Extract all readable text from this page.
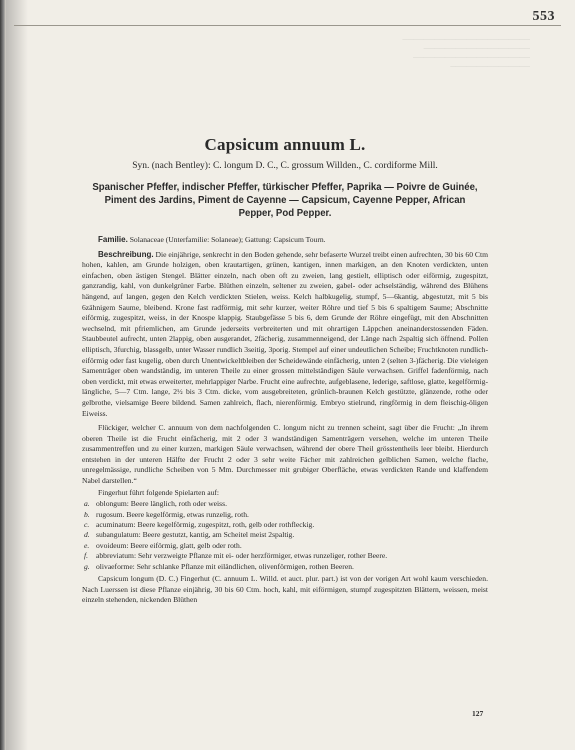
553
────────────────────────
────────────────────
──────────────────────
───────────────
Capsicum annuum L.

Syn. (nach Bentley): C. longum D. C., C. grossum Willden., C. cordiforme Mill.

Spanischer Pfeffer, indischer Pfeffer, türkischer Pfeffer, Paprika — Poivre de Guinée, Piment des Jardins, Piment de Cayenne — Capsicum, Cayenne Pepper, African Pepper, Pod Pepper.

Familie. Solanaceae (Unterfamilie: Solaneae); Gattung: Capsicum Tourn.

Beschreibung. Die einjährige, senkrecht in den Boden gehende, sehr befaserte Wurzel treibt einen aufrechten, 30 bis 60 Ctm hohen, kahlen, am Grunde holzigen, oben krautartigen, grünen, kantigen, innen markigen, an den Knoten verdickten, unten einfachen, oben ästigen Stengel. Blätter einzeln, nach oben oft zu zweien, lang gestielt, elliptisch oder eiförmig, zugespitzt, ganzrandig, kahl, von dunkelgrüner Farbe. Blüthen einzeln, seltener zu zweien, gabel- oder achselständig, während des Blühens hängend, auf langen, gegen den Kelch verdickten Stielen, weiss. Kelch halbkugelig, stumpf, 5—6kantig, abgestutzt, mit 5 bis 6zähnigem Saume, bleibend. Krone fast radförmig, mit sehr kurzer, weiter Röhre und tief 5 bis 6 spaltigem Saume; Abschnitte eiförmig, zugespitzt, weiss, in der Knospe klappig. Staubgefässe 5 bis 6, dem Grunde der Röhre eingefügt, mit den Abschnitten wechselnd, mit pfriemlichen, am Grunde jederseits verbreiterten und mit ohrartigen Läppchen aneinanderstossenden Fäden. Staubbeutel aufrecht, unten 2lappig, oben ausgerandet, 2fächerig, zusammenneigend, der Länge nach 2spaltig sich öffnend. Pollen elliptisch, 3furchig, blassgelb, unter Wasser rundlich 3seitig, 3porig. Stempel auf einer undeutlichen Scheibe; Fruchtknoten rundlich-eiförmig oder fast kugelig, oben durch Unentwickeltbleiben der Scheidewände einfächerig, unten 2 (selten 3-)fächerig. Die vieleigen Samenträger oben wandständig, im unteren Theile zu einer grossen mittelständigen Säule verwachsen. Griffel fadenförmig, nach oben verdickt, mit etwas erweiterter, mehrlappiger Narbe. Frucht eine aufrechte, aufgeblasene, lederige, saftlose, glatte, kegelförmig-längliche, 5—7 Ctm. lange, 2½ bis 3 Ctm. dicke, vom ausgebreiteten, grünlich-braunen Kelch gestützte, glänzende, rothe oder gelbrothe, vielsamige Beere bildend. Samen zahlreich, flach, nierenförmig. Embryo stielrund, ringförmig in dem fleischig-öligen Eiweiss.

Flückiger, welcher C. annuum von dem nachfolgenden C. longum nicht zu trennen scheint, sagt über die Frucht: „In ihrem oberen Theile ist die Frucht einfächerig, mit 2 oder 3 wandständigen Samenträgern versehen, welche im unteren Theile zusammentreffen und zu einer kurzen, markigen Säule verwachsen, während der obere Theil grösstentheils leer bleibt. Hierdurch entstehen in der unteren Hälfte der Frucht 2 oder 3 sehr weite Fächer mit zahlreichen gelblichen Samen, welche flache, unregelmässige, rundliche Scheiben von 5 Mm. Durchmesser mit grubiger Oberfläche, etwas verdickten Rande und klaffendem Nabel darstellen.“

Fingerhut führt folgende Spielarten auf:

a. oblongum: Beere länglich, roth oder weiss.
b. rugosum. Beere kegelförmig, etwas runzelig, roth.
c. acuminatum: Beere kegelförmig, zugespitzt, roth, gelb oder rothfleckig.
d. subangulatum: Beere gestutzt, kantig, am Scheitel meist 2spaltig.
e. ovoideum: Beere eiförmig, glatt, gelb oder roth.
f.	abbreviatum: Sehr verzweigte Pflanze mit ei- oder herzförmiger, etwas runzeliger, rother Beere.
g. olivaeforme: Sehr schlanke Pflanze mit eiländlichen, olivenförmigen, rothen Beeren.

Capsicum longum (D. C.) Fingerhut (C. annuum L. Willd. et auct. plur. part.) ist von der vorigen Art wohl kaum verschieden. Nach Luerssen ist diese Pflanze einjährig, 30 bis 60 Ctm. hoch, kahl, mit eiförmigen, stumpf zugespitzten Blättern, weissen, meist einzeln stehenden, nickenden Blüthen

127
